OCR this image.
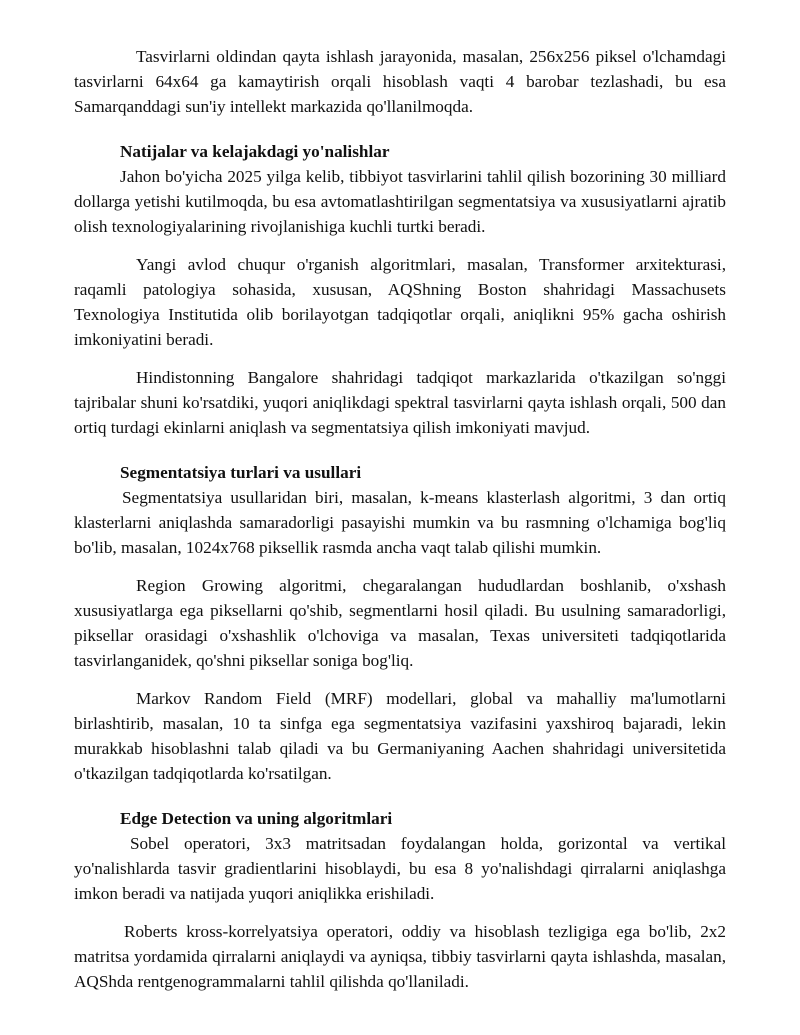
Tasvirlarni oldindan qayta ishlash jarayonida, masalan, 256x256 piksel o'lchamdagi tasvirlarni 64x64 ga kamaytirish orqali hisoblash vaqti 4 barobar tezlashadi, bu esa Samarqanddagi sun'iy intellekt markazida qo'llanilmoqda.

Natijalar va kelajakdagi yo'nalishlar

Jahon bo'yicha 2025 yilga kelib, tibbiyot tasvirlarini tahlil qilish bozorining 30 milliard dollarga yetishi kutilmoqda, bu esa avtomatlashtirilgan segmentatsiya va xususiyatlarni ajratib olish texnologiyalarining rivojlanishiga kuchli turtki beradi.

Yangi avlod chuqur o'rganish algoritmlari, masalan, Transformer arxitekturasi, raqamli patologiya sohasida, xususan, AQShning Boston shahridagi Massachusets Texnologiya Institutida olib borilayotgan tadqiqotlar orqali, aniqlikni 95% gacha oshirish imkoniyatini beradi.

Hindistonning Bangalore shahridagi tadqiqot markazlarida o'tkazilgan so'nggi tajribalar shuni ko'rsatdiki, yuqori aniqlikdagi spektral tasvirlarni qayta ishlash orqali, 500 dan ortiq turdagi ekinlarni aniqlash va segmentatsiya qilish imkoniyati mavjud.

Segmentatsiya turlari va usullari

Segmentatsiya usullaridan biri, masalan, k-means klasterlash algoritmi, 3 dan ortiq klasterlarni aniqlashda samaradorligi pasayishi mumkin va bu rasmning o'lchamiga bog'liq bo'lib, masalan, 1024x768 piksellik rasmda ancha vaqt talab qilishi mumkin.

Region Growing algoritmi, chegaralangan hududlardan boshlanib, o'xshash xususiyatlarga ega piksellarni qo'shib, segmentlarni hosil qiladi. Bu usulning samaradorligi, piksellar orasidagi o'xshashlik o'lchoviga va masalan, Texas universiteti tadqiqotlarida tasvirlanganidek, qo'shni piksellar soniga bog'liq.

Markov Random Field (MRF) modellari, global va mahalliy ma'lumotlarni birlashtirib, masalan, 10 ta sinfga ega segmentatsiya vazifasini yaxshiroq bajaradi, lekin murakkab hisoblashni talab qiladi va bu Germaniyaning Aachen shahridagi universitetida o'tkazilgan tadqiqotlarda ko'rsatilgan.

Edge Detection va uning algoritmlari

Sobel operatori, 3x3 matritsadan foydalangan holda, gorizontal va vertikal yo'nalishlarda tasvir gradientlarini hisoblaydi, bu esa 8 yo'nalishdagi qirralarni aniqlashga imkon beradi va natijada yuqori aniqlikka erishiladi.

Roberts kross-korrelyatsiya operatori, oddiy va hisoblash tezligiga ega bo'lib, 2x2 matritsa yordamida qirralarni aniqlaydi va ayniqsa, tibbiy tasvirlarni qayta ishlashda, masalan, AQShda rentgenogrammalarni tahlil qilishda qo'llaniladi.
